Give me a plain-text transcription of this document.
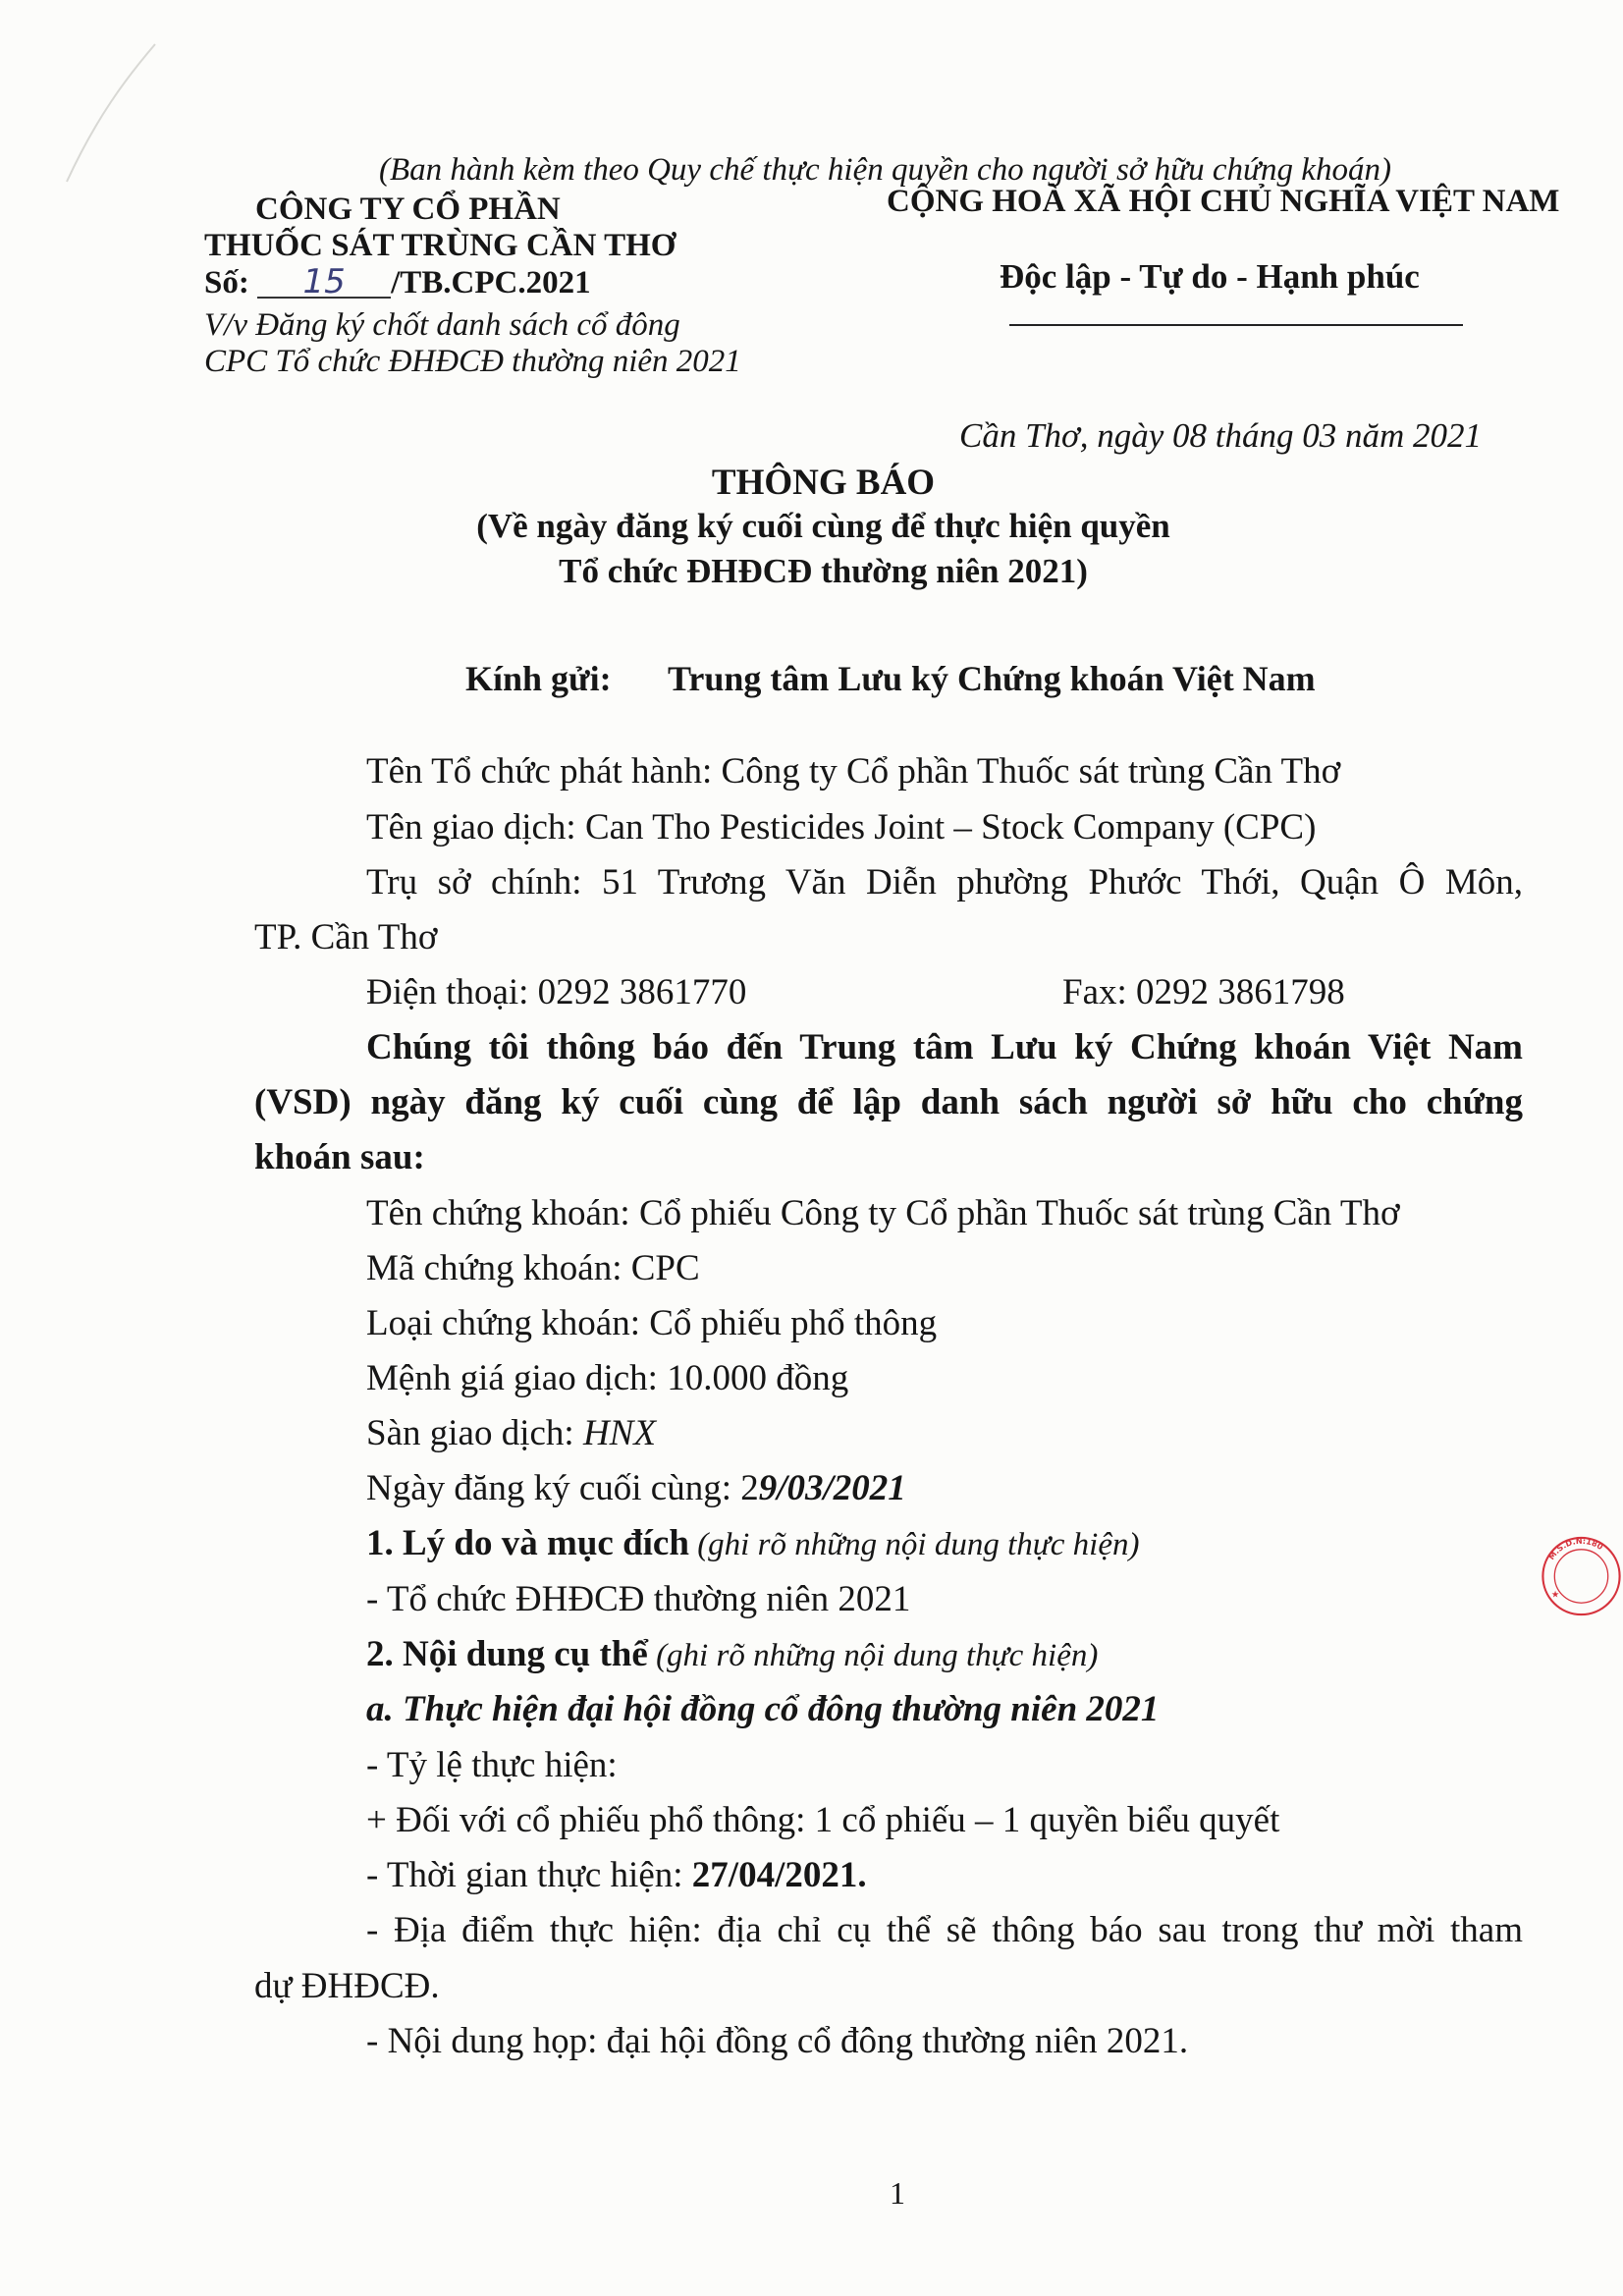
(Ban hành kèm theo Quy chế thực hiện quyền cho người sở hữu chứng khoán)
CÔNG TY CỔ PHẦN
THUỐC SÁT TRÙNG CẦN THƠ
Số: 15 /TB.CPC.2021
V/v Đăng ký chốt danh sách cổ đông
CPC Tổ chức ĐHĐCĐ thường niên 2021
CỘNG HOÀ XÃ HỘI CHỦ NGHĨA VIỆT NAM
Độc lập - Tự do - Hạnh phúc
Cần Thơ, ngày 08 tháng 03 năm 2021
THÔNG BÁO
(Về ngày đăng ký cuối cùng để thực hiện quyền
Tổ chức ĐHĐCĐ thường niên 2021)
Kính gửi: Trung tâm Lưu ký Chứng khoán Việt Nam
Tên Tổ chức phát hành: Công ty Cổ phần Thuốc sát trùng Cần Thơ
Tên giao dịch: Can Tho Pesticides Joint – Stock Company (CPC)
Trụ sở chính: 51 Trương Văn Diễn phường Phước Thới, Quận Ô Môn,
TP. Cần Thơ
Điện thoại: 0292 3861770	Fax: 0292 3861798
Chúng tôi thông báo đến Trung tâm Lưu ký Chứng khoán Việt Nam
(VSD) ngày đăng ký cuối cùng để lập danh sách người sở hữu cho chứng
khoán sau:
Tên chứng khoán: Cổ phiếu Công ty Cổ phần Thuốc sát trùng Cần Thơ
Mã chứng khoán: CPC
Loại chứng khoán: Cổ phiếu phổ thông
Mệnh giá giao dịch: 10.000 đồng
Sàn giao dịch: HNX
Ngày đăng ký cuối cùng: 29/03/2021
1. Lý do và mục đích (ghi rõ những nội dung thực hiện)
- Tổ chức ĐHĐCĐ thường niên 2021
2. Nội dung cụ thể (ghi rõ những nội dung thực hiện)
a. Thực hiện đại hội đồng cổ đông thường niên 2021
- Tỷ lệ thực hiện:
+ Đối với cổ phiếu phổ thông: 1 cổ phiếu – 1 quyền biểu quyết
- Thời gian thực hiện: 27/04/2021.
- Địa điểm thực hiện: địa chỉ cụ thể sẽ thông báo sau trong thư mời tham
dự ĐHĐCĐ.
- Nội dung họp: đại hội đồng cổ đông thường niên 2021.
M.S.D.N:180
★
1
